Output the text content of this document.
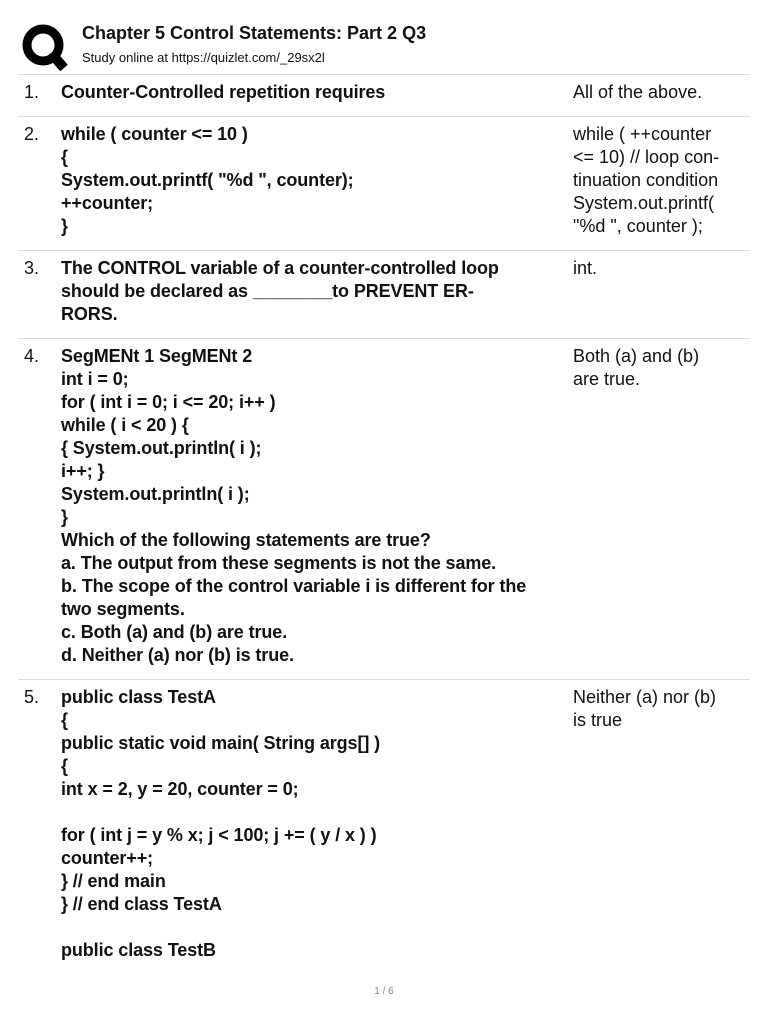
Chapter 5 Control Statements: Part 2 Q3
Study online at https://quizlet.com/_29sx2l
1. Counter-Controlled repetition requires	All of the above.
2. while ( counter <= 10 )
{
System.out.printf( "%d ", counter);
++counter;
}
while ( ++counter
<= 10) // loop con-
tinuation condition
System.out.printf(
"%d ", counter );
3. The CONTROL variable of a counter-controlled loop
should be declared as ________to PREVENT ER-
RORS.
int.
4. SegMENt 1 SegMENt 2
int i = 0;
for ( int i = 0; i <= 20; i++ )
while ( i < 20 ) {
{ System.out.println( i );
i++; }
System.out.println( i );
}
Which of the following statements are true?
a. The output from these segments is not the same.
b. The scope of the control variable i is different for the
two segments.
c. Both (a) and (b) are true.
d. Neither (a) nor (b) is true.
Both (a) and (b)
are true.
5. public class TestA
{
public static void main( String args[] )
{
int x = 2, y = 20, counter = 0;
for ( int j = y % x; j < 100; j += ( y / x ) )
counter++;
} // end main
} // end class TestA
public class TestB
Neither (a) nor (b)
is true
1 / 6
